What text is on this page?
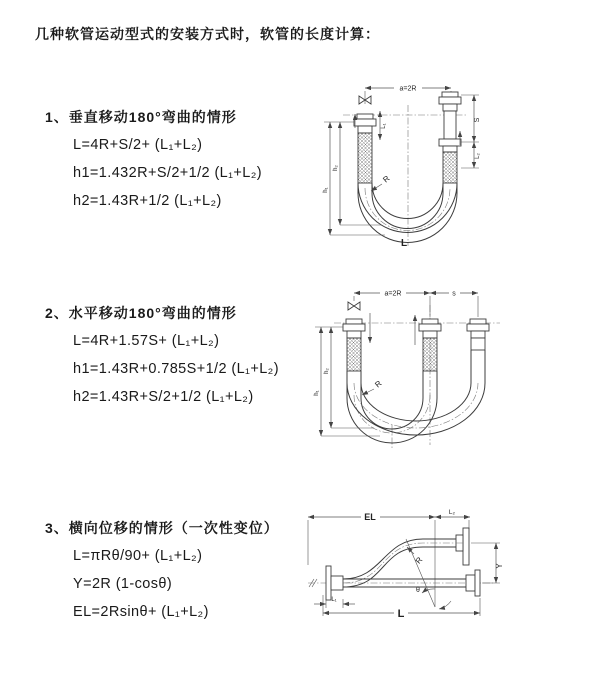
几种软管运动型式的安装方式时，软管的长度计算：
1、垂直移动180°弯曲的情形
L=4R+S/2+ (L₁+L₂)
h1=1.432R+S/2+1/2 (L₁+L₂)
h2=1.43R+1/2 (L₁+L₂)
a=2R
h₁
h₂
L₁
S
L₂
R
L
2、水平移动180°弯曲的情形
L=4R+1.57S+ (L₁+L₂)
h1=1.43R+0.785S+1/2 (L₁+L₂)
h2=1.43R+S/2+1/2 (L₁+L₂)
a=2R	s
h₁
h₂
R
3、横向位移的情形（一次性变位）
L=πRθ/90+ (L₁+L₂)
Y=2R (1-cosθ)
EL=2Rsinθ+ (L₁+L₂)
EL	L₂
Y
L₁
L
R
θ
